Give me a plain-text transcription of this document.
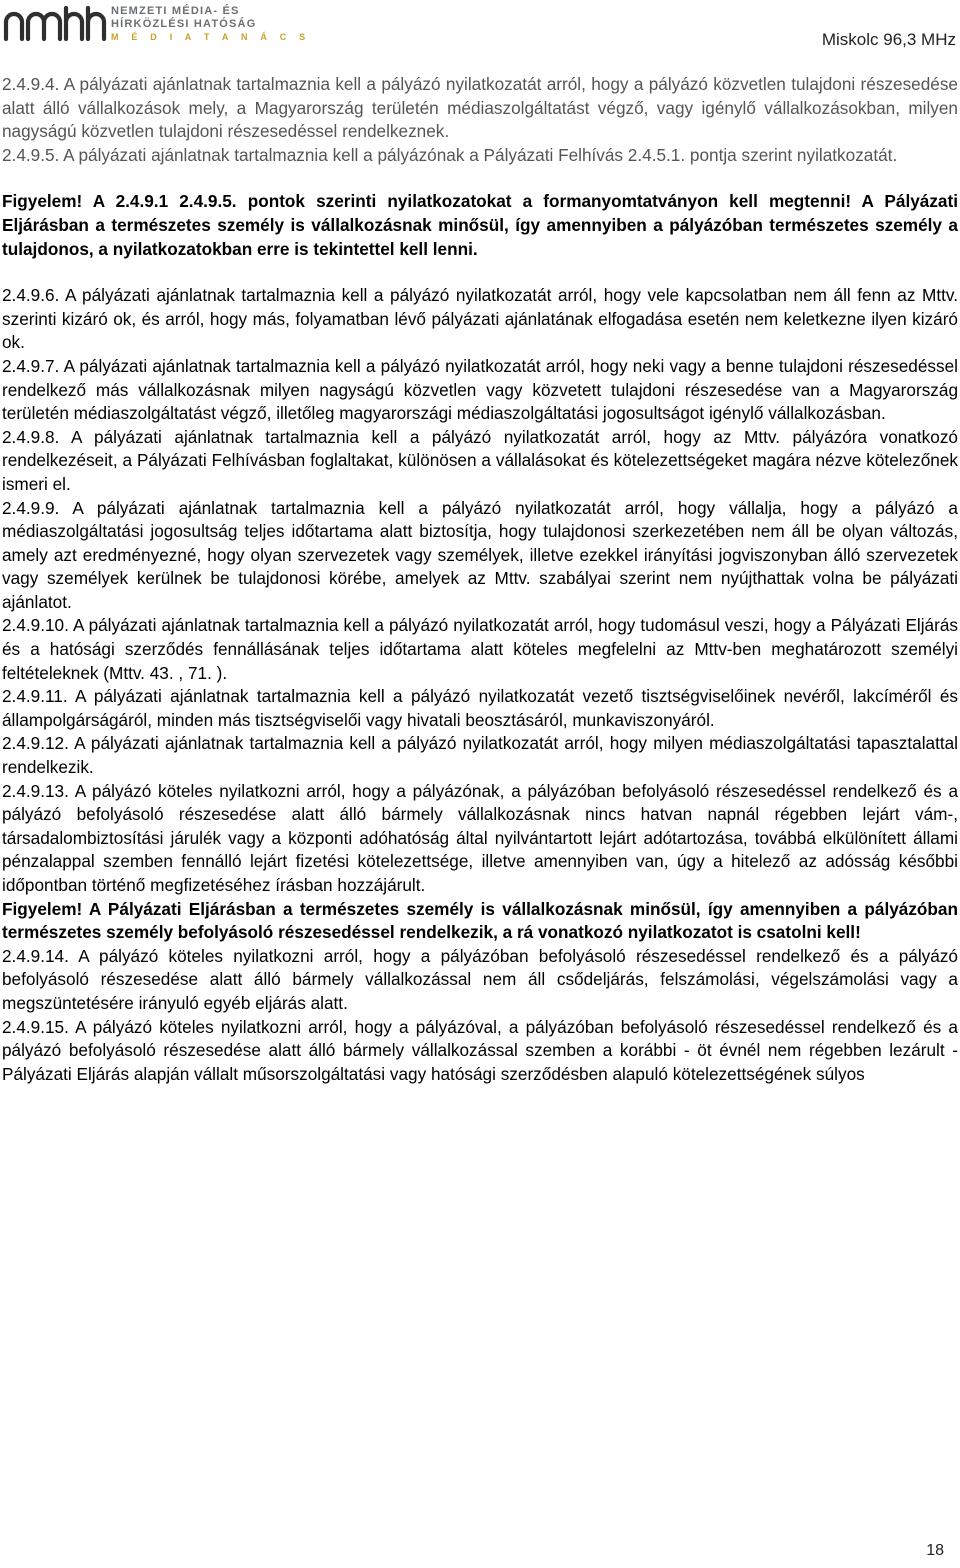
NEMZETI MÉDIA- ÉS
HÍRKÖZLÉSI HATÓSÁG
M É D I A T A N Á C S	Miskolc 96,3 MHz

2.4.9.4. A pályázati ajánlatnak tartalmaznia kell a pályázó nyilatkozatát arról, hogy a pályázó közvetlen tulajdoni részesedése alatt álló vállalkozások mely, a Magyarország területén médiaszolgáltatást végző, vagy igénylő vállalkozásokban, milyen nagyságú közvetlen tulajdoni részesedéssel rendelkeznek.

2.4.9.5. A pályázati ajánlatnak tartalmaznia kell a pályázónak a Pályázati Felhívás 2.4.5.1. pontja szerint nyilatkozatát.

Figyelem! A 2.4.9.1 2.4.9.5. pontok szerinti nyilatkozatokat a formanyomtatványon kell megtenni! A Pályázati Eljárásban a természetes személy is vállalkozásnak minősül, így amennyiben a pályázóban természetes személy a tulajdonos, a nyilatkozatokban erre is tekintettel kell lenni.

2.4.9.6. A pályázati ajánlatnak tartalmaznia kell a pályázó nyilatkozatát arról, hogy vele kapcsolatban nem áll fenn az Mttv. szerinti kizáró ok, és arról, hogy más, folyamatban lévő pályázati ajánlatának elfogadása esetén nem keletkezne ilyen kizáró ok.

2.4.9.7. A pályázati ajánlatnak tartalmaznia kell a pályázó nyilatkozatát arról, hogy neki vagy a benne tulajdoni részesedéssel rendelkező más vállalkozásnak milyen nagyságú közvetlen vagy közvetett tulajdoni részesedése van a Magyarország területén médiaszolgáltatást végző, illetőleg magyarországi médiaszolgáltatási jogosultságot igénylő vállalkozásban.

2.4.9.8. A pályázati ajánlatnak tartalmaznia kell a pályázó nyilatkozatát arról, hogy az Mttv. pályázóra vonatkozó rendelkezéseit, a Pályázati Felhívásban foglaltakat, különösen a vállalásokat és kötelezettségeket magára nézve kötelezőnek ismeri el.

2.4.9.9. A pályázati ajánlatnak tartalmaznia kell a pályázó nyilatkozatát arról, hogy vállalja, hogy a pályázó a médiaszolgáltatási jogosultság teljes időtartama alatt biztosítja, hogy tulajdonosi szerkezetében nem áll be olyan változás, amely azt eredményezné, hogy olyan szervezetek vagy személyek, illetve ezekkel irányítási jogviszonyban álló szervezetek vagy személyek kerülnek be tulajdonosi körébe, amelyek az Mttv. szabályai szerint nem nyújthattak volna be pályázati ajánlatot.

2.4.9.10. A pályázati ajánlatnak tartalmaznia kell a pályázó nyilatkozatát arról, hogy tudomásul veszi, hogy a Pályázati Eljárás és a hatósági szerződés fennállásának teljes időtartama alatt köteles megfelelni az Mttv-ben meghatározott személyi feltételeknek (Mttv. 43. , 71. ).

2.4.9.11. A pályázati ajánlatnak tartalmaznia kell a pályázó nyilatkozatát vezető tisztségviselőinek nevéről, lakcíméről és állampolgárságáról, minden más tisztségviselői vagy hivatali beosztásáról, munkaviszonyáról.

2.4.9.12. A pályázati ajánlatnak tartalmaznia kell a pályázó nyilatkozatát arról, hogy milyen médiaszolgáltatási tapasztalattal rendelkezik.

2.4.9.13. A pályázó köteles nyilatkozni arról, hogy a pályázónak, a pályázóban befolyásoló részesedéssel rendelkező és a pályázó befolyásoló részesedése alatt álló bármely vállalkozásnak nincs hatvan napnál régebben lejárt vám-, társadalombiztosítási járulék vagy a központi adóhatóság által nyilvántartott lejárt adótartozása, továbbá elkülönített állami pénzalappal szemben fennálló lejárt fizetési kötelezettsége, illetve amennyiben van, úgy a hitelező az adósság későbbi időpontban történő megfizetéséhez írásban hozzájárult.

Figyelem! A Pályázati Eljárásban a természetes személy is vállalkozásnak minősül, így amennyiben a pályázóban természetes személy befolyásoló részesedéssel rendelkezik, a rá vonatkozó nyilatkozatot is csatolni kell!

2.4.9.14. A pályázó köteles nyilatkozni arról, hogy a pályázóban befolyásoló részesedéssel rendelkező és a pályázó befolyásoló részesedése alatt álló bármely vállalkozással nem áll csődeljárás, felszámolási, végelszámolási vagy a megszüntetésére irányuló egyéb eljárás alatt.

2.4.9.15. A pályázó köteles nyilatkozni arról, hogy a pályázóval, a pályázóban befolyásoló részesedéssel rendelkező és a pályázó befolyásoló részesedése alatt álló bármely vállalkozással szemben a korábbi - öt évnél nem régebben lezárult - Pályázati Eljárás alapján vállalt műsorszolgáltatási vagy hatósági szerződésben alapuló kötelezettségének súlyos

18
